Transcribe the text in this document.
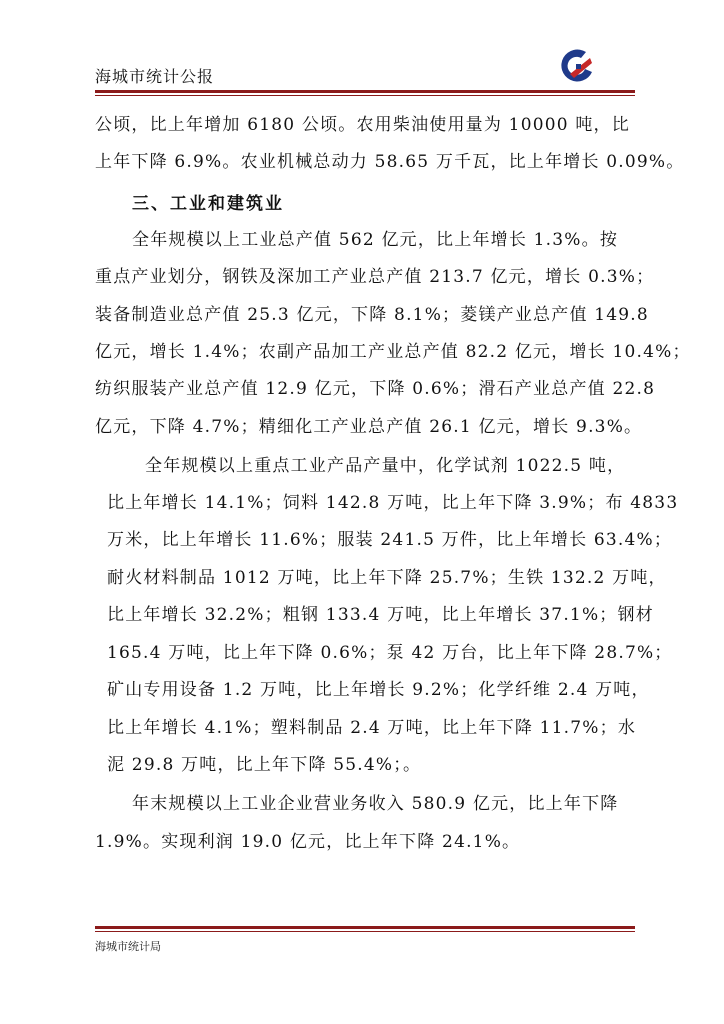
海城市统计公报
公顷，比上年增加 6180 公顷。农用柴油使用量为 10000 吨，比
上年下降 6.9%。农业机械总动力 58.65 万千瓦，比上年增长 0.09%。
三、工业和建筑业
全年规模以上工业总产值 562 亿元，比上年增长 1.3%。按
重点产业划分，钢铁及深加工产业总产值 213.7 亿元，增长 0.3%；
装备制造业总产值 25.3 亿元，下降 8.1%；菱镁产业总产值 149.8
亿元，增长 1.4%；农副产品加工产业总产值 82.2 亿元，增长 10.4%；
纺织服装产业总产值 12.9 亿元，下降 0.6%；滑石产业总产值 22.8
亿元，下降 4.7%；精细化工产业总产值 26.1 亿元，增长 9.3%。
全年规模以上重点工业产品产量中，化学试剂 1022.5 吨，
比上年增长 14.1%；饲料 142.8 万吨，比上年下降 3.9%；布 4833
万米，比上年增长 11.6%；服装 241.5 万件，比上年增长 63.4%；
耐火材料制品 1012 万吨，比上年下降 25.7%；生铁 132.2 万吨，
比上年增长 32.2%；粗钢 133.4 万吨，比上年增长 37.1%；钢材
165.4 万吨，比上年下降 0.6%；泵 42 万台，比上年下降 28.7%；
矿山专用设备 1.2 万吨，比上年增长 9.2%；化学纤维 2.4 万吨，
比上年增长 4.1%；塑料制品 2.4 万吨，比上年下降 11.7%；水
泥 29.8 万吨，比上年下降 55.4%；。
年末规模以上工业企业营业务收入 580.9 亿元，比上年下降
1.9%。实现利润 19.0 亿元，比上年下降 24.1%。
海城市统计局
